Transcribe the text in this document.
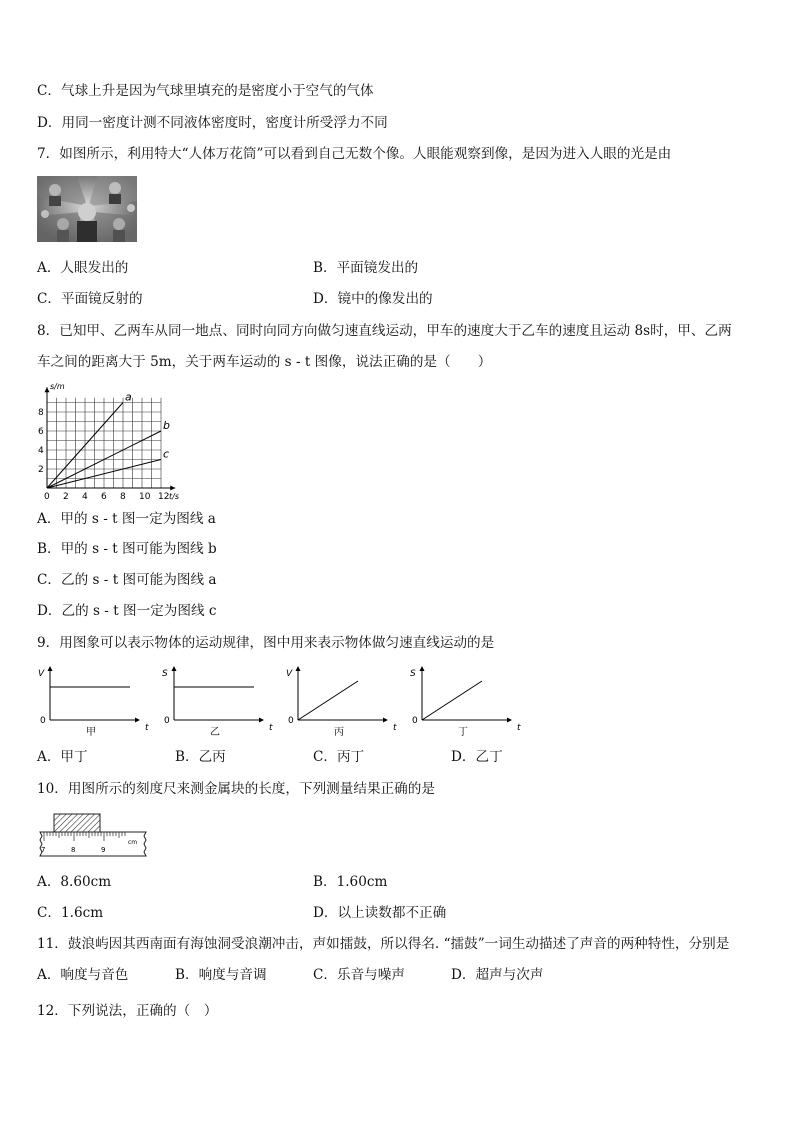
C．气球上升是因为气球里填充的是密度小于空气的气体
D．用同一密度计测不同液体密度时，密度计所受浮力不同
7．如图所示，利用特大“人体万花筒”可以看到自己无数个像。人眼能观察到像，是因为进入人眼的光是由
A．人眼发出的	B．平面镜发出的
C．平面镜反射的	D．镜中的像发出的
8．已知甲、乙两车从同一地点、同时向同方向做匀速直线运动，甲车的速度大于乙车的速度且运动 8s时，甲、乙两
车之间的距离大于 5m，关于两车运动的 s - t 图像，说法正确的是（　　）
0 2 4 6 8 10 12
2
4
6
8
t/s
s/m
a
b
c
A．甲的 s - t 图一定为图线 a
B．甲的 s - t 图可能为图线 b
C．乙的 s - t 图可能为图线 a
D．乙的 s - t 图一定为图线 c
9．用图象可以表示物体的运动规律，图中用来表示物体做匀速直线运动的是
V
0
t
甲
S
0
t
乙
V
0
t
丙
S
0
t
丁
A．甲丁	B．乙丙	C．丙丁	D．乙丁
10．用图所示的刻度尺来测金属块的长度，下列测量结果正确的是
7	8	9
cm
A．8.60cm	B．1.60cm
C．1.6cm	D．以上读数都不正确
11．鼓浪屿因其西南面有海蚀洞受浪潮冲击，声如擂鼓，所以得名. “擂鼓”一词生动描述了声音的两种特性，分别是
A．响度与音色	B．响度与音调	C．乐音与噪声	D．超声与次声
12．下列说法，正确的（　）
